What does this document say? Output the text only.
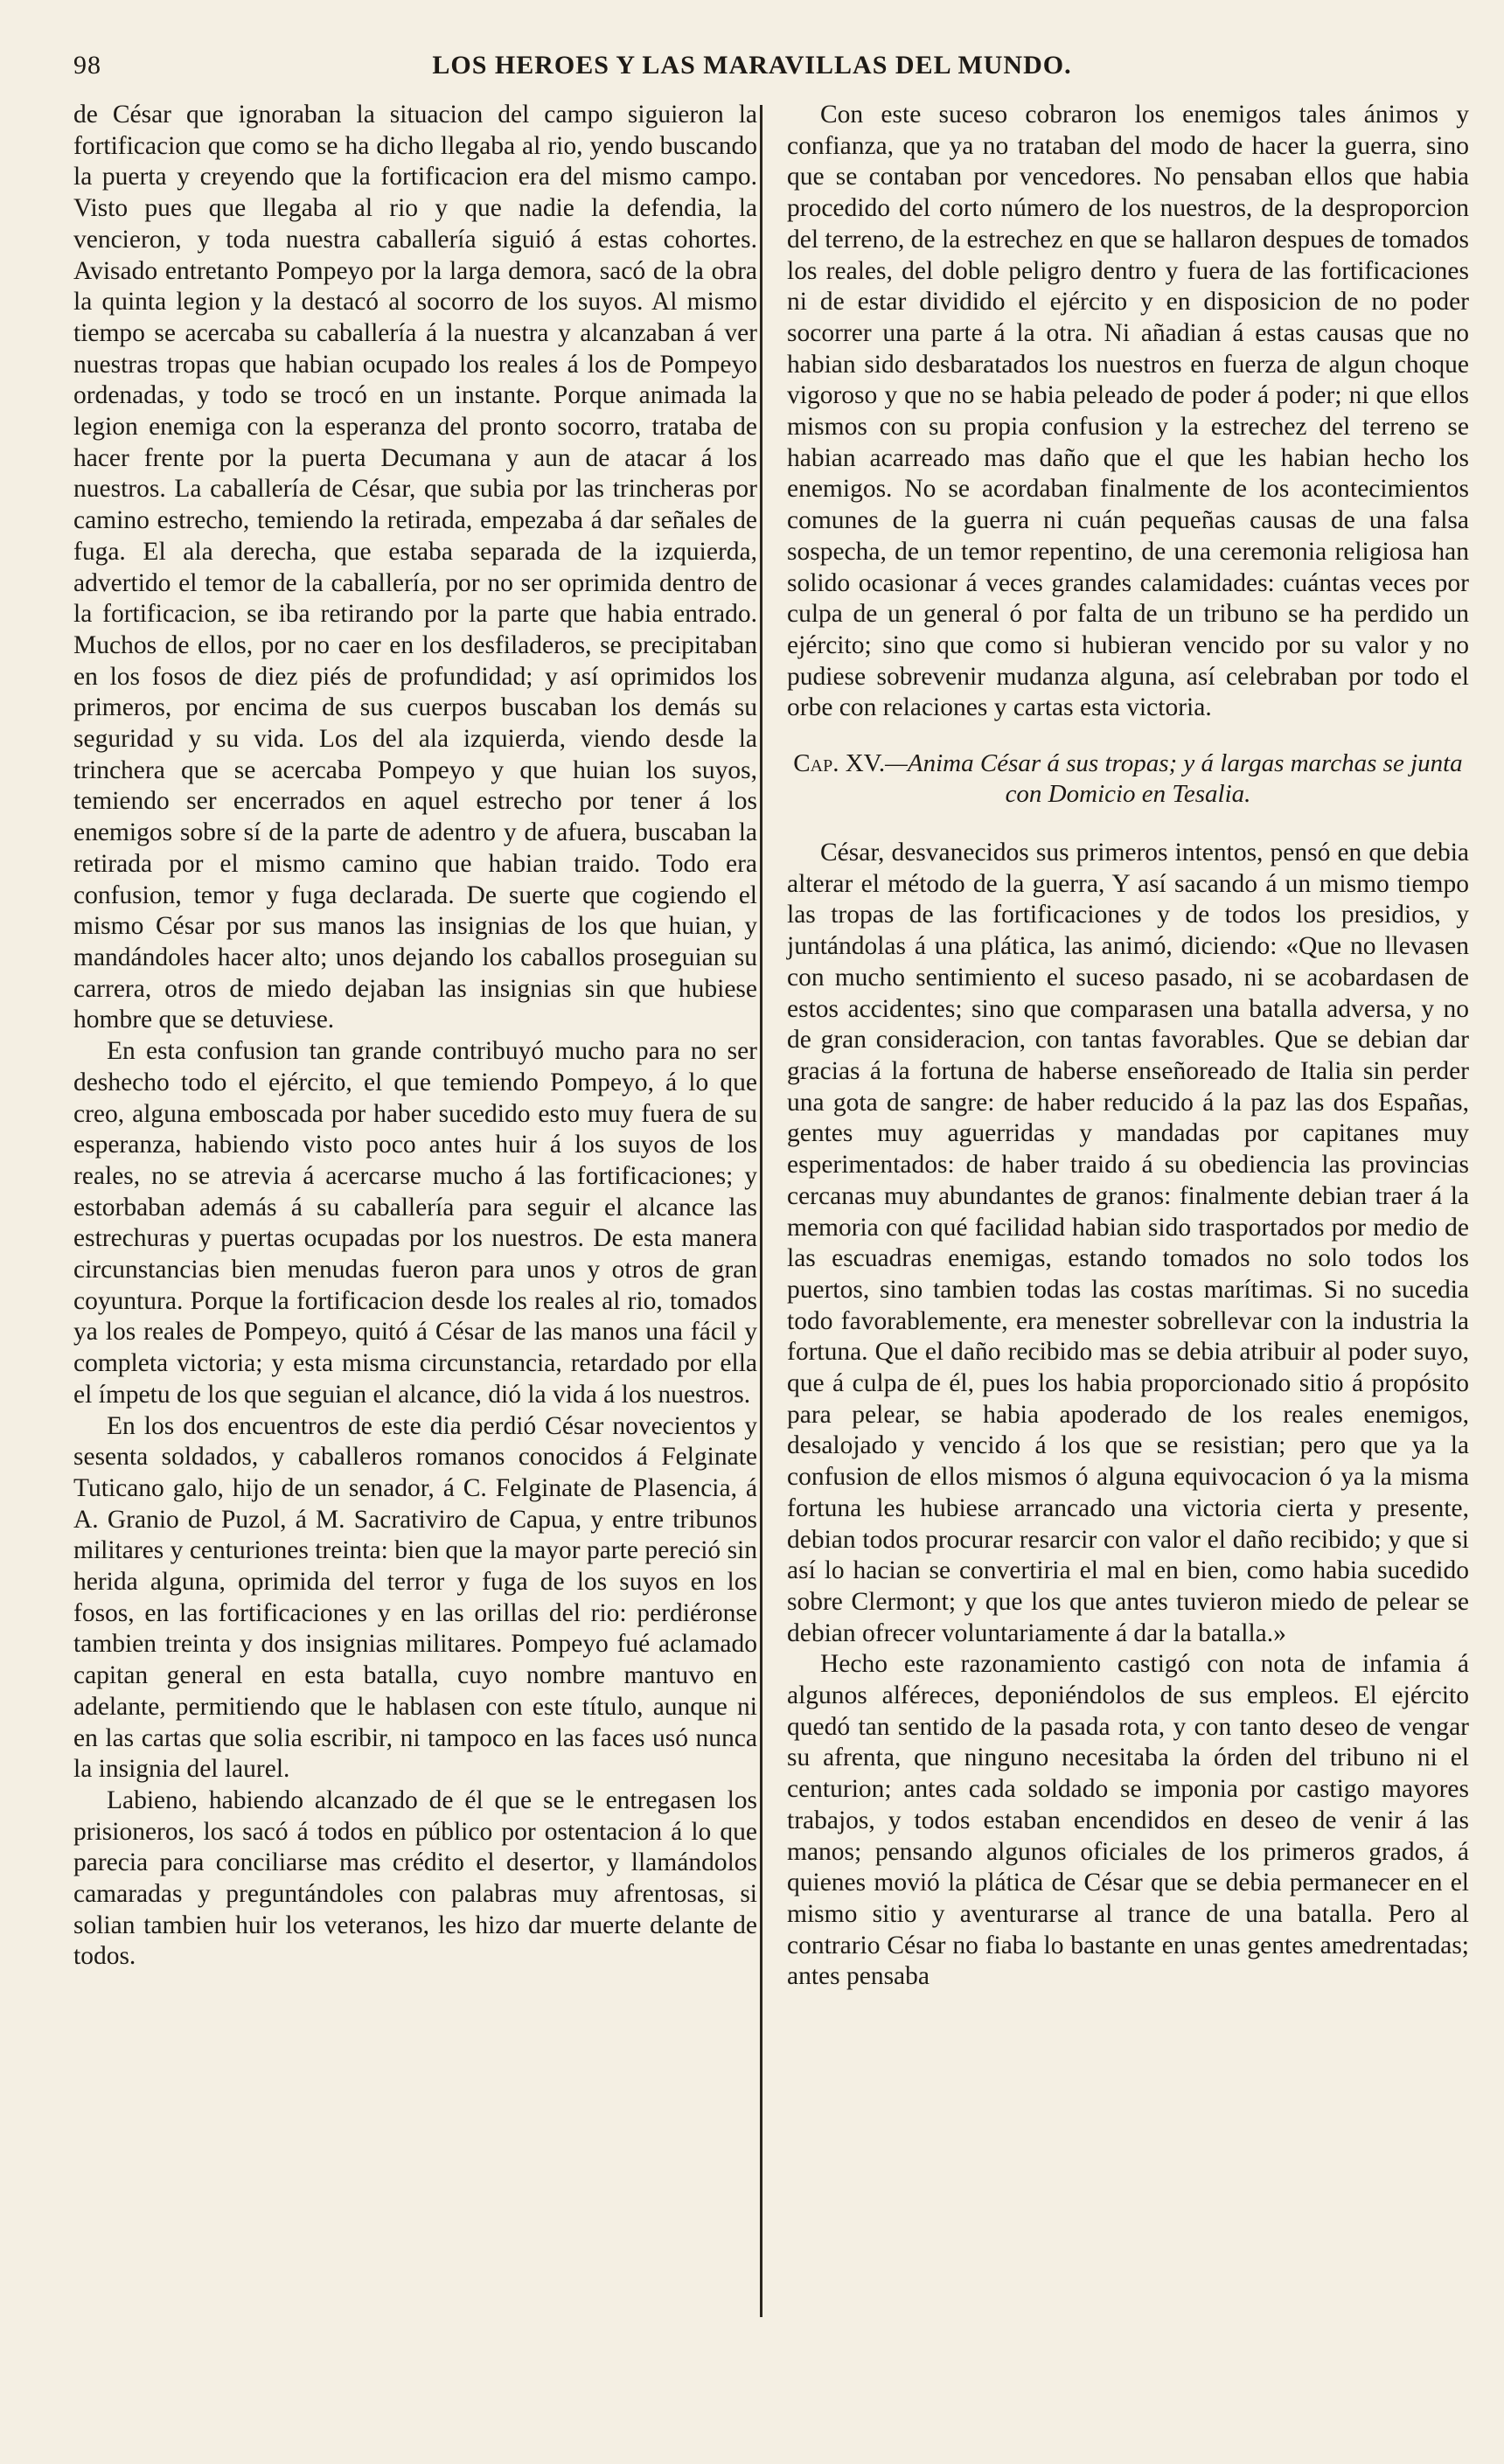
98	LOS HEROES Y LAS MARAVILLAS DEL MUNDO.

de César que ignoraban la situacion del campo siguieron la fortificacion que como se ha dicho llegaba al rio, yendo buscando la puerta y creyendo que la fortificacion era del mismo campo. Visto pues que llegaba al rio y que nadie la defendia, la vencieron, y toda nuestra caballería siguió á estas cohortes. Avisado entretanto Pompeyo por la larga demora, sacó de la obra la quinta legion y la destacó al socorro de los suyos. Al mismo tiempo se acercaba su caballería á la nuestra y alcanzaban á ver nuestras tropas que habian ocupado los reales á los de Pompeyo ordenadas, y todo se trocó en un instante. Porque animada la legion enemiga con la esperanza del pronto socorro, trataba de hacer frente por la puerta Decumana y aun de atacar á los nuestros. La caballería de César, que subia por las trincheras por camino estrecho, temiendo la retirada, empezaba á dar señales de fuga. El ala derecha, que estaba separada de la izquierda, advertido el temor de la caballería, por no ser oprimida dentro de la fortificacion, se iba retirando por la parte que habia entrado. Muchos de ellos, por no caer en los desfiladeros, se precipitaban en los fosos de diez piés de profundidad; y así oprimidos los primeros, por encima de sus cuerpos buscaban los demás su seguridad y su vida. Los del ala izquierda, viendo desde la trinchera que se acercaba Pompeyo y que huian los suyos, temiendo ser encerrados en aquel estrecho por tener á los enemigos sobre sí de la parte de adentro y de afuera, buscaban la retirada por el mismo camino que habian traido. Todo era confusion, temor y fuga declarada. De suerte que cogiendo el mismo César por sus manos las insignias de los que huian, y mandándoles hacer alto; unos dejando los caballos proseguian su carrera, otros de miedo dejaban las insignias sin que hubiese hombre que se detuviese.

En esta confusion tan grande contribuyó mucho para no ser deshecho todo el ejército, el que temiendo Pompeyo, á lo que creo, alguna emboscada por haber sucedido esto muy fuera de su esperanza, habiendo visto poco antes huir á los suyos de los reales, no se atrevia á acercarse mucho á las fortificaciones; y estorbaban además á su caballería para seguir el alcance las estrechuras y puertas ocupadas por los nuestros. De esta manera circunstancias bien menudas fueron para unos y otros de gran coyuntura. Porque la fortificacion desde los reales al rio, tomados ya los reales de Pompeyo, quitó á César de las manos una fácil y completa victoria; y esta misma circunstancia, retardado por ella el ímpetu de los que seguian el alcance, dió la vida á los nuestros.

En los dos encuentros de este dia perdió César novecientos y sesenta soldados, y caballeros romanos conocidos á Felginate Tuticano galo, hijo de un senador, á C. Felginate de Plasencia, á A. Granio de Puzol, á M. Sacrativiro de Capua, y entre tribunos militares y centuriones treinta: bien que la mayor parte pereció sin herida alguna, oprimida del terror y fuga de los suyos en los fosos, en las fortificaciones y en las orillas del rio: perdiéronse tambien treinta y dos insignias militares. Pompeyo fué aclamado capitan general en esta batalla, cuyo nombre mantuvo en adelante, permitiendo que le hablasen con este título, aunque ni en las cartas que solia escribir, ni tampoco en las faces usó nunca la insignia del laurel.

Labieno, habiendo alcanzado de él que se le entregasen los prisioneros, los sacó á todos en público por ostentacion á lo que parecia para conciliarse mas crédito el desertor, y llamándolos camaradas y preguntándoles con palabras muy afrentosas, si solian tambien huir los veteranos, les hizo dar muerte delante de todos.

Con este suceso cobraron los enemigos tales ánimos y confianza, que ya no trataban del modo de hacer la guerra, sino que se contaban por vencedores. No pensaban ellos que habia procedido del corto número de los nuestros, de la desproporcion del terreno, de la estrechez en que se hallaron despues de tomados los reales, del doble peligro dentro y fuera de las fortificaciones ni de estar dividido el ejército y en disposicion de no poder socorrer una parte á la otra. Ni añadian á estas causas que no habian sido desbaratados los nuestros en fuerza de algun choque vigoroso y que no se habia peleado de poder á poder; ni que ellos mismos con su propia confusion y la estrechez del terreno se habian acarreado mas daño que el que les habian hecho los enemigos. No se acordaban finalmente de los acontecimientos comunes de la guerra ni cuán pequeñas causas de una falsa sospecha, de un temor repentino, de una ceremonia religiosa han solido ocasionar á veces grandes calamidades: cuántas veces por culpa de un general ó por falta de un tribuno se ha perdido un ejército; sino que como si hubieran vencido por su valor y no pudiese sobrevenir mudanza alguna, así celebraban por todo el orbe con relaciones y cartas esta victoria.

Cap. XV.—Anima César á sus tropas; y á largas marchas se junta con Domicio en Tesalia.

César, desvanecidos sus primeros intentos, pensó en que debia alterar el método de la guerra, Y así sacando á un mismo tiempo las tropas de las fortificaciones y de todos los presidios, y juntándolas á una plática, las animó, diciendo: «Que no llevasen con mucho sentimiento el suceso pasado, ni se acobardasen de estos accidentes; sino que comparasen una batalla adversa, y no de gran consideracion, con tantas favorables. Que se debian dar gracias á la fortuna de haberse enseñoreado de Italia sin perder una gota de sangre: de haber reducido á la paz las dos Españas, gentes muy aguerridas y mandadas por capitanes muy esperimentados: de haber traido á su obediencia las provincias cercanas muy abundantes de granos: finalmente debian traer á la memoria con qué facilidad habian sido trasportados por medio de las escuadras enemigas, estando tomados no solo todos los puertos, sino tambien todas las costas marítimas. Si no sucedia todo favorablemente, era menester sobrellevar con la industria la fortuna. Que el daño recibido mas se debia atribuir al poder suyo, que á culpa de él, pues los habia proporcionado sitio á propósito para pelear, se habia apoderado de los reales enemigos, desalojado y vencido á los que se resistian; pero que ya la confusion de ellos mismos ó alguna equivocacion ó ya la misma fortuna les hubiese arrancado una victoria cierta y presente, debian todos procurar resarcir con valor el daño recibido; y que si así lo hacian se convertiria el mal en bien, como habia sucedido sobre Clermont; y que los que antes tuvieron miedo de pelear se debian ofrecer voluntariamente á dar la batalla.»

Hecho este razonamiento castigó con nota de infamia á algunos alféreces, deponiéndolos de sus empleos. El ejército quedó tan sentido de la pasada rota, y con tanto deseo de vengar su afrenta, que ninguno necesitaba la órden del tribuno ni el centurion; antes cada soldado se imponia por castigo mayores trabajos, y todos estaban encendidos en deseo de venir á las manos; pensando algunos oficiales de los primeros grados, á quienes movió la plática de César que se debia permanecer en el mismo sitio y aventurarse al trance de una batalla. Pero al contrario César no fiaba lo bastante en unas gentes amedrentadas; antes pensaba
